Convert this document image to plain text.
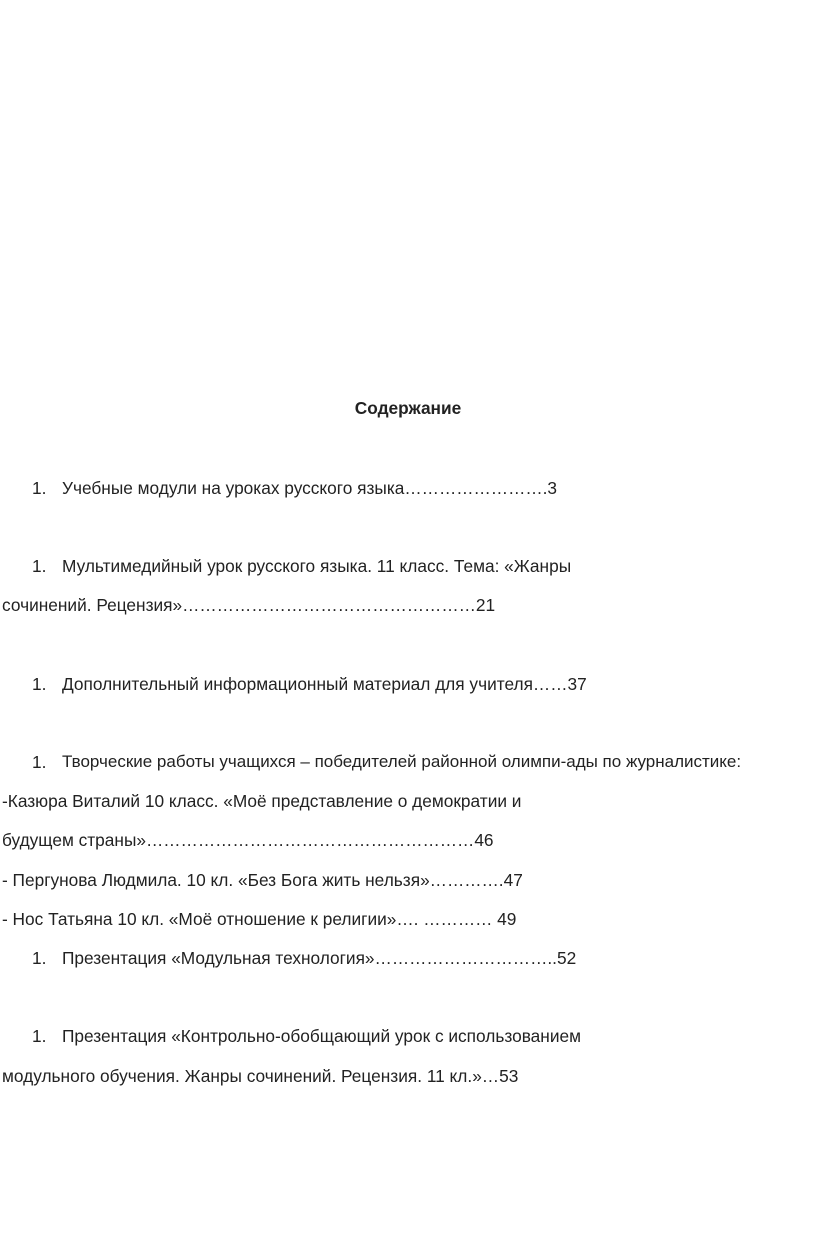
Содержание
1. Учебные модули на уроках русского языка…………………….3

1. Мультимедийный урок русского языка. 11 класс. Тема: «Жанры

сочинений. Рецензия»……………………………………………21

1. Дополнительный информационный материал для учителя……37

1. Творческие работы учащихся – победителей районной олимпи-ады по журналистике:

-Казюра Виталий 10 класс. «Моё представление о демократии и

будущем страны»…………………………………………………46

- Пергунова Людмила. 10 кл. «Без Бога жить нельзя»………….47

- Нос Татьяна 10 кл. «Моё отношение к религии»…. ………… 49

1. Презентация «Модульная технология»…………………………..52

1. Презентация «Контрольно-обобщающий урок с использованием

модульного обучения. Жанры сочинений. Рецензия. 11 кл.»…53
